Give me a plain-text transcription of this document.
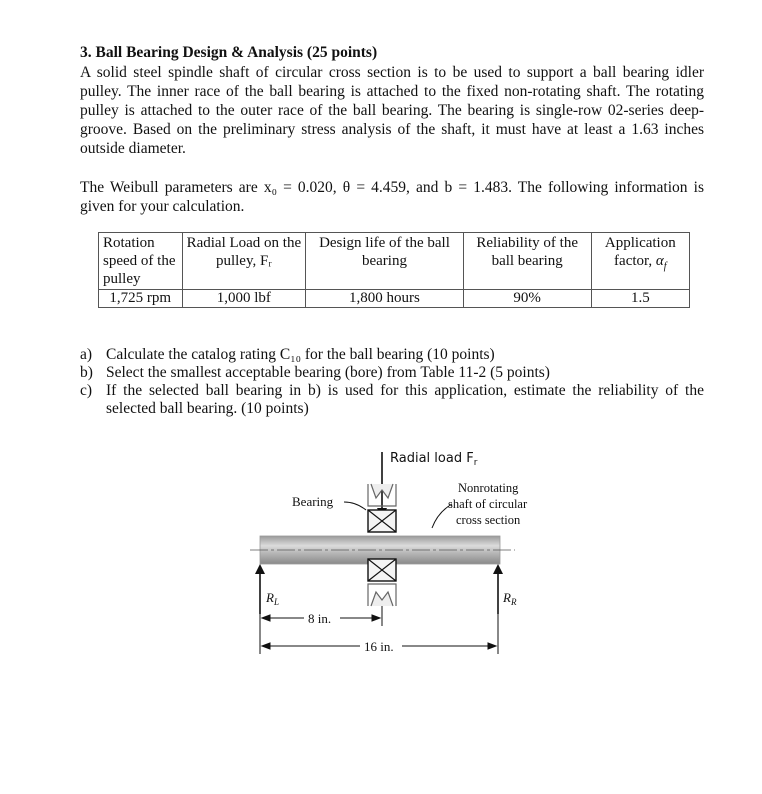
3. Ball Bearing Design & Analysis (25 points)
A solid steel spindle shaft of circular cross section is to be used to support a ball bearing idler pulley. The inner race of the ball bearing is attached to the fixed non-rotating shaft. The rotating pulley is attached to the outer race of the ball bearing. The bearing is single-row 02-series deep-groove. Based on the preliminary stress analysis of the shaft, it must have at least a 1.63 inches outside diameter.
The Weibull parameters are x₀ = 0.020, θ = 4.459, and b = 1.483. The following information is
given for your calculation.
Rotation speed of the pulley	Radial Load on the pulley, Fᵣ	Design life of the ball bearing	Reliability of the ball bearing	Application factor, $\alpha_f$
1,725 rpm	1,000 lbf	1,800 hours	90%	1.5
a) Calculate the catalog rating C₁₀ for the ball bearing (10 points)
b) Select the smallest acceptable bearing (bore) from Table 11-2 (5 points)
c) If the selected ball bearing in b) is used for this application, estimate the reliability of the selected ball bearing. (10 points)
Radial load $F_r$
Bearing
Nonrotating
shaft of circular
cross section
$R_L$	$R_R$
8 in.
16 in.
